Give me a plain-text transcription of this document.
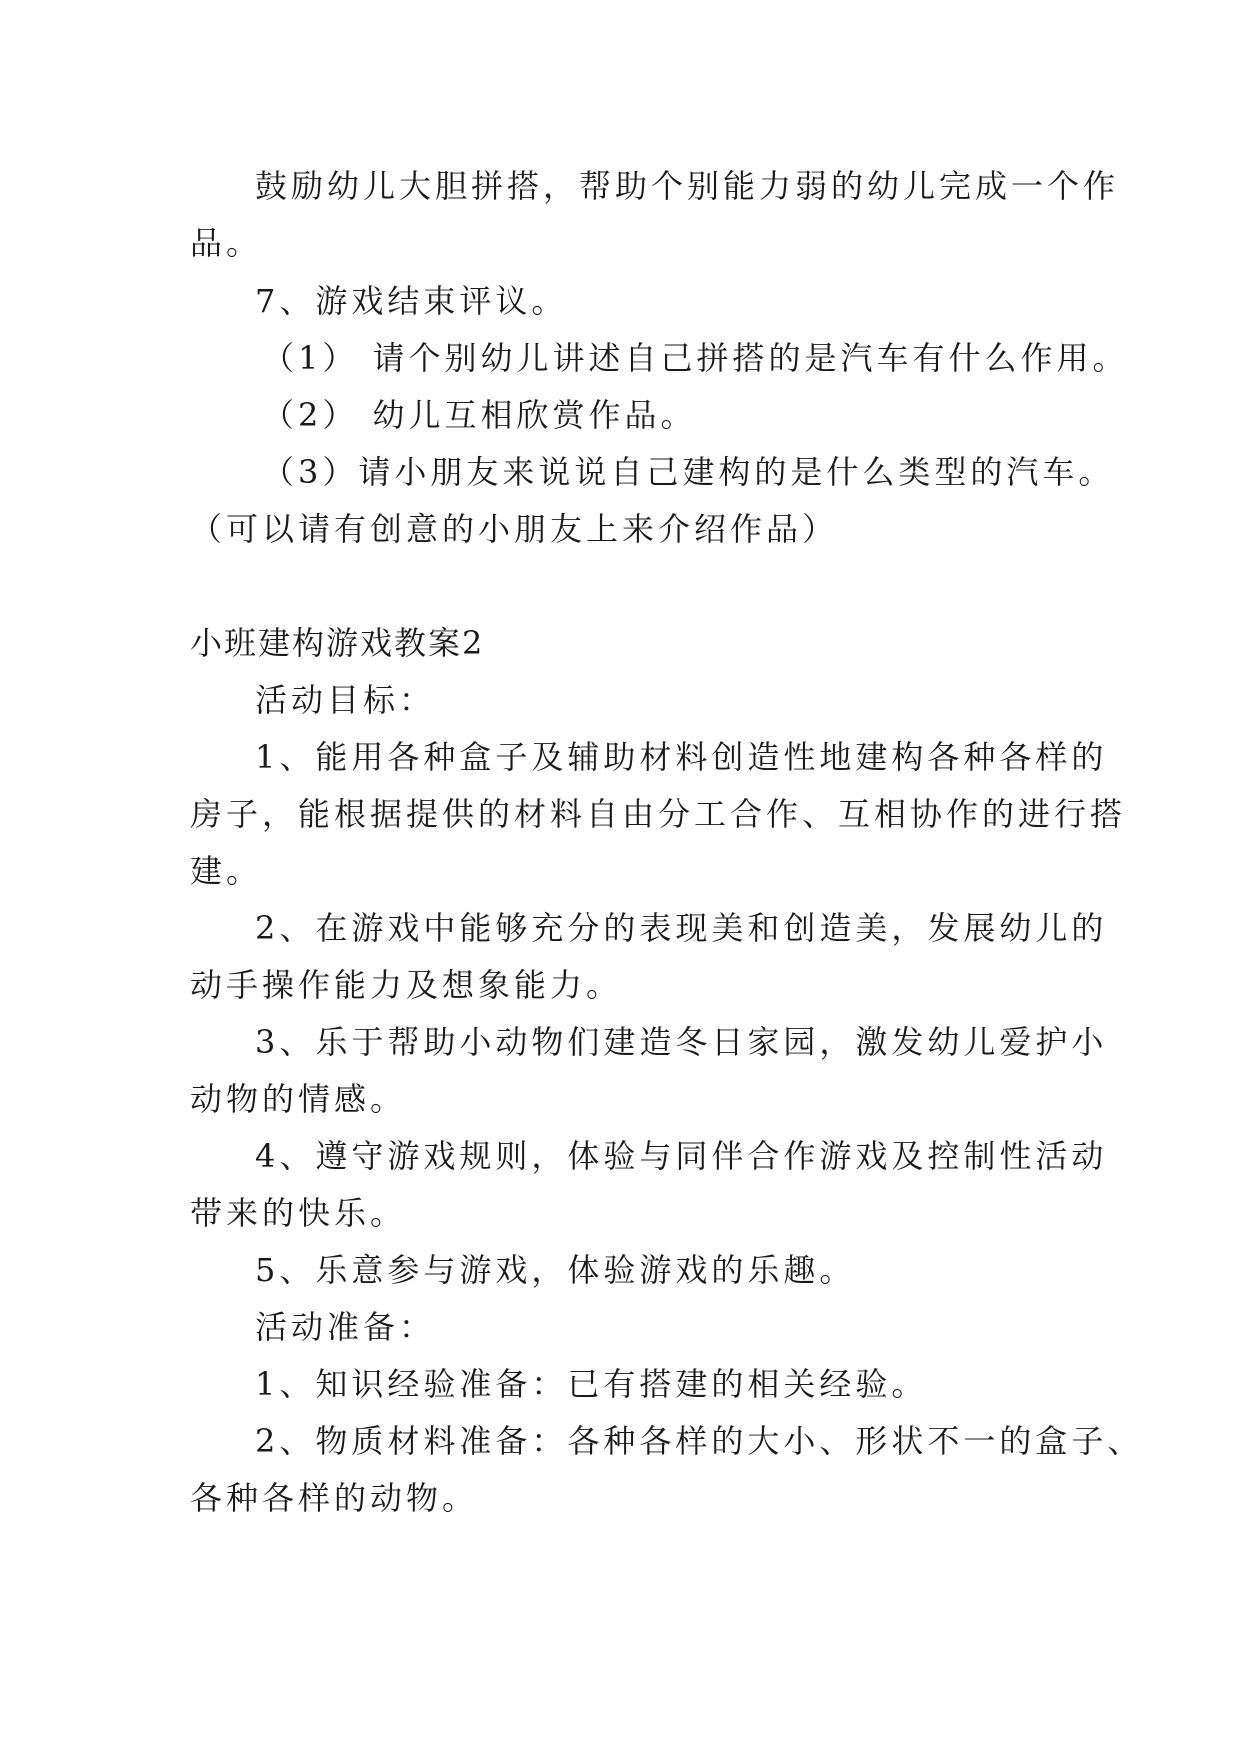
鼓励幼儿大胆拼搭，帮助个别能力弱的幼儿完成一个作
品。
7、游戏结束评议。
（1） 请个别幼儿讲述自己拼搭的是汽车有什么作用。
（2） 幼儿互相欣赏作品。
（3）请小朋友来说说自己建构的是什么类型的汽车。
（可以请有创意的小朋友上来介绍作品）
小班建构游戏教案2
活动目标：
1、能用各种盒子及辅助材料创造性地建构各种各样的
房子，能根据提供的材料自由分工合作、互相协作的进行搭
建。
2、在游戏中能够充分的表现美和创造美，发展幼儿的
动手操作能力及想象能力。
3、乐于帮助小动物们建造冬日家园，激发幼儿爱护小
动物的情感。
4、遵守游戏规则，体验与同伴合作游戏及控制性活动
带来的快乐。
5、乐意参与游戏，体验游戏的乐趣。
活动准备：
1、知识经验准备：已有搭建的相关经验。
2、物质材料准备：各种各样的大小、形状不一的盒子、
各种各样的动物。
